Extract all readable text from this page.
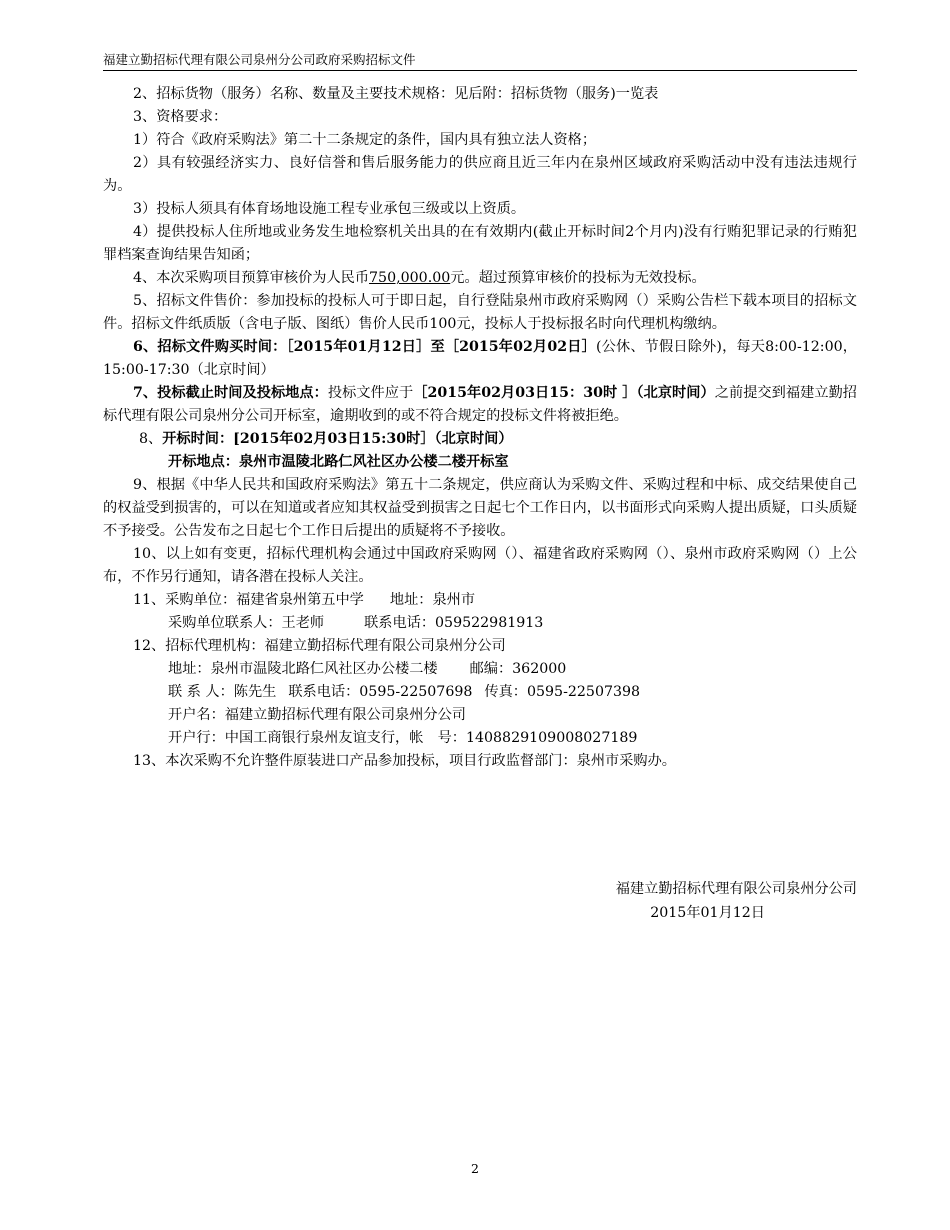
福建立勤招标代理有限公司泉州分公司政府采购招标文件

2、招标货物（服务）名称、数量及主要技术规格：见后附：招标货物（服务)一览表

3、资格要求：

1）符合《政府采购法》第二十二条规定的条件，国内具有独立法人资格；

2）具有较强经济实力、良好信誉和售后服务能力的供应商且近三年内在泉州区域政府采购活动中没有违法违规行为。

3）投标人须具有体育场地设施工程专业承包三级或以上资质。

4）提供投标人住所地或业务发生地检察机关出具的在有效期内(截止开标时间2个月内)没有行贿犯罪记录的行贿犯罪档案查询结果告知函；

4、本次采购项目预算审核价为人民币750,000.00元。超过预算审核价的投标为无效投标。

5、招标文件售价：参加投标的投标人可于即日起，自行登陆泉州市政府采购网（）采购公告栏下载本项目的招标文件。招标文件纸质版（含电子版、图纸）售价人民币100元，投标人于投标报名时向代理机构缴纳。

6、招标文件购买时间：［2015年01月12日］至［2015年02月02日］(公休、节假日除外)，每天8:00-12:00，15:00-17:30（北京时间）

7、投标截止时间及投标地点：投标文件应于［2015年02月03日15：30时 ］（北京时间）之前提交到福建立勤招标代理有限公司泉州分公司开标室，逾期收到的或不符合规定的投标文件将被拒绝。

8、开标时间：[2015年02月03日15:30时］（北京时间）

开标地点：泉州市温陵北路仁风社区办公楼二楼开标室

9、根据《中华人民共和国政府采购法》第五十二条规定，供应商认为采购文件、采购过程和中标、成交结果使自己的权益受到损害的，可以在知道或者应知其权益受到损害之日起七个工作日内，以书面形式向采购人提出质疑，口头质疑不予接受。公告发布之日起七个工作日后提出的质疑将不予接收。

10、以上如有变更，招标代理机构会通过中国政府采购网（）、福建省政府采购网（）、泉州市政府采购网（）上公布，不作另行通知，请各潜在投标人关注。

11、采购单位：福建省泉州第五中学 地址：泉州市

采购单位联系人：王老师	联系电话：059522981913

12、招标代理机构：福建立勤招标代理有限公司泉州分公司

地址：泉州市温陵北路仁风社区办公楼二楼 邮编：362000

联 系 人：陈先生 联系电话：0595-22507698 传真：0595-22507398

开户名：福建立勤招标代理有限公司泉州分公司

开户行：中国工商银行泉州友谊支行，帐　号：1408829109008027189

13、本次采购不允许整件原装进口产品参加投标，项目行政监督部门：泉州市采购办。

福建立勤招标代理有限公司泉州分公司
2015年01月12日
2
